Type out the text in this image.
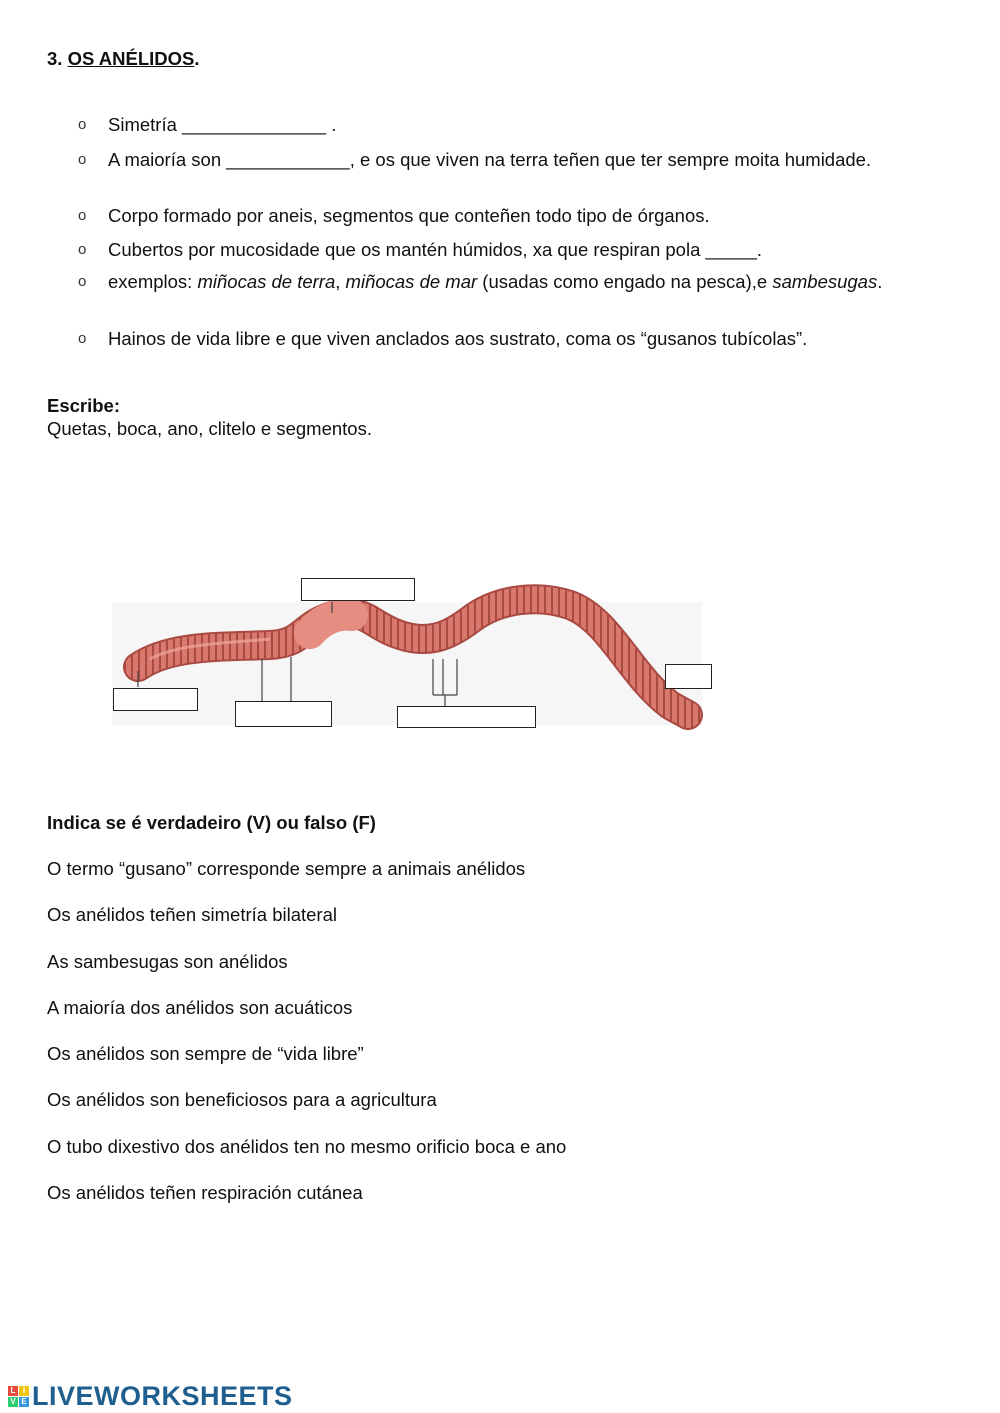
3. OS ANÉLIDOS.
o Simetría ______________ .
o A maioría son ____________, e os que viven na terra teñen que ter sempre moita humidade.
o Corpo formado por aneis, segmentos que conteñen todo tipo de órganos.
o Cubertos por mucosidade que os mantén húmidos, xa que respiran pola _____.
o exemplos: miñocas de terra, miñocas de mar (usadas como engado na pesca),e sambesugas.
o Hainos de vida libre e que viven anclados aos sustrato, coma os “gusanos tubícolas”.
Escribe:
Quetas, boca, ano, clitelo e segmentos.
Indica se é verdadeiro (V) ou falso (F)
O termo “gusano” corresponde sempre a animais anélidos
Os anélidos teñen simetría bilateral
As sambesugas son anélidos
A maioría dos anélidos son acuáticos
Os anélidos son sempre de “vida libre”
Os anélidos son beneficiosos para a agricultura
O tubo dixestivo dos anélidos ten no mesmo orificio boca e ano
Os anélidos teñen respiración cutánea
L I
V E LIVEWORKSHEETS
